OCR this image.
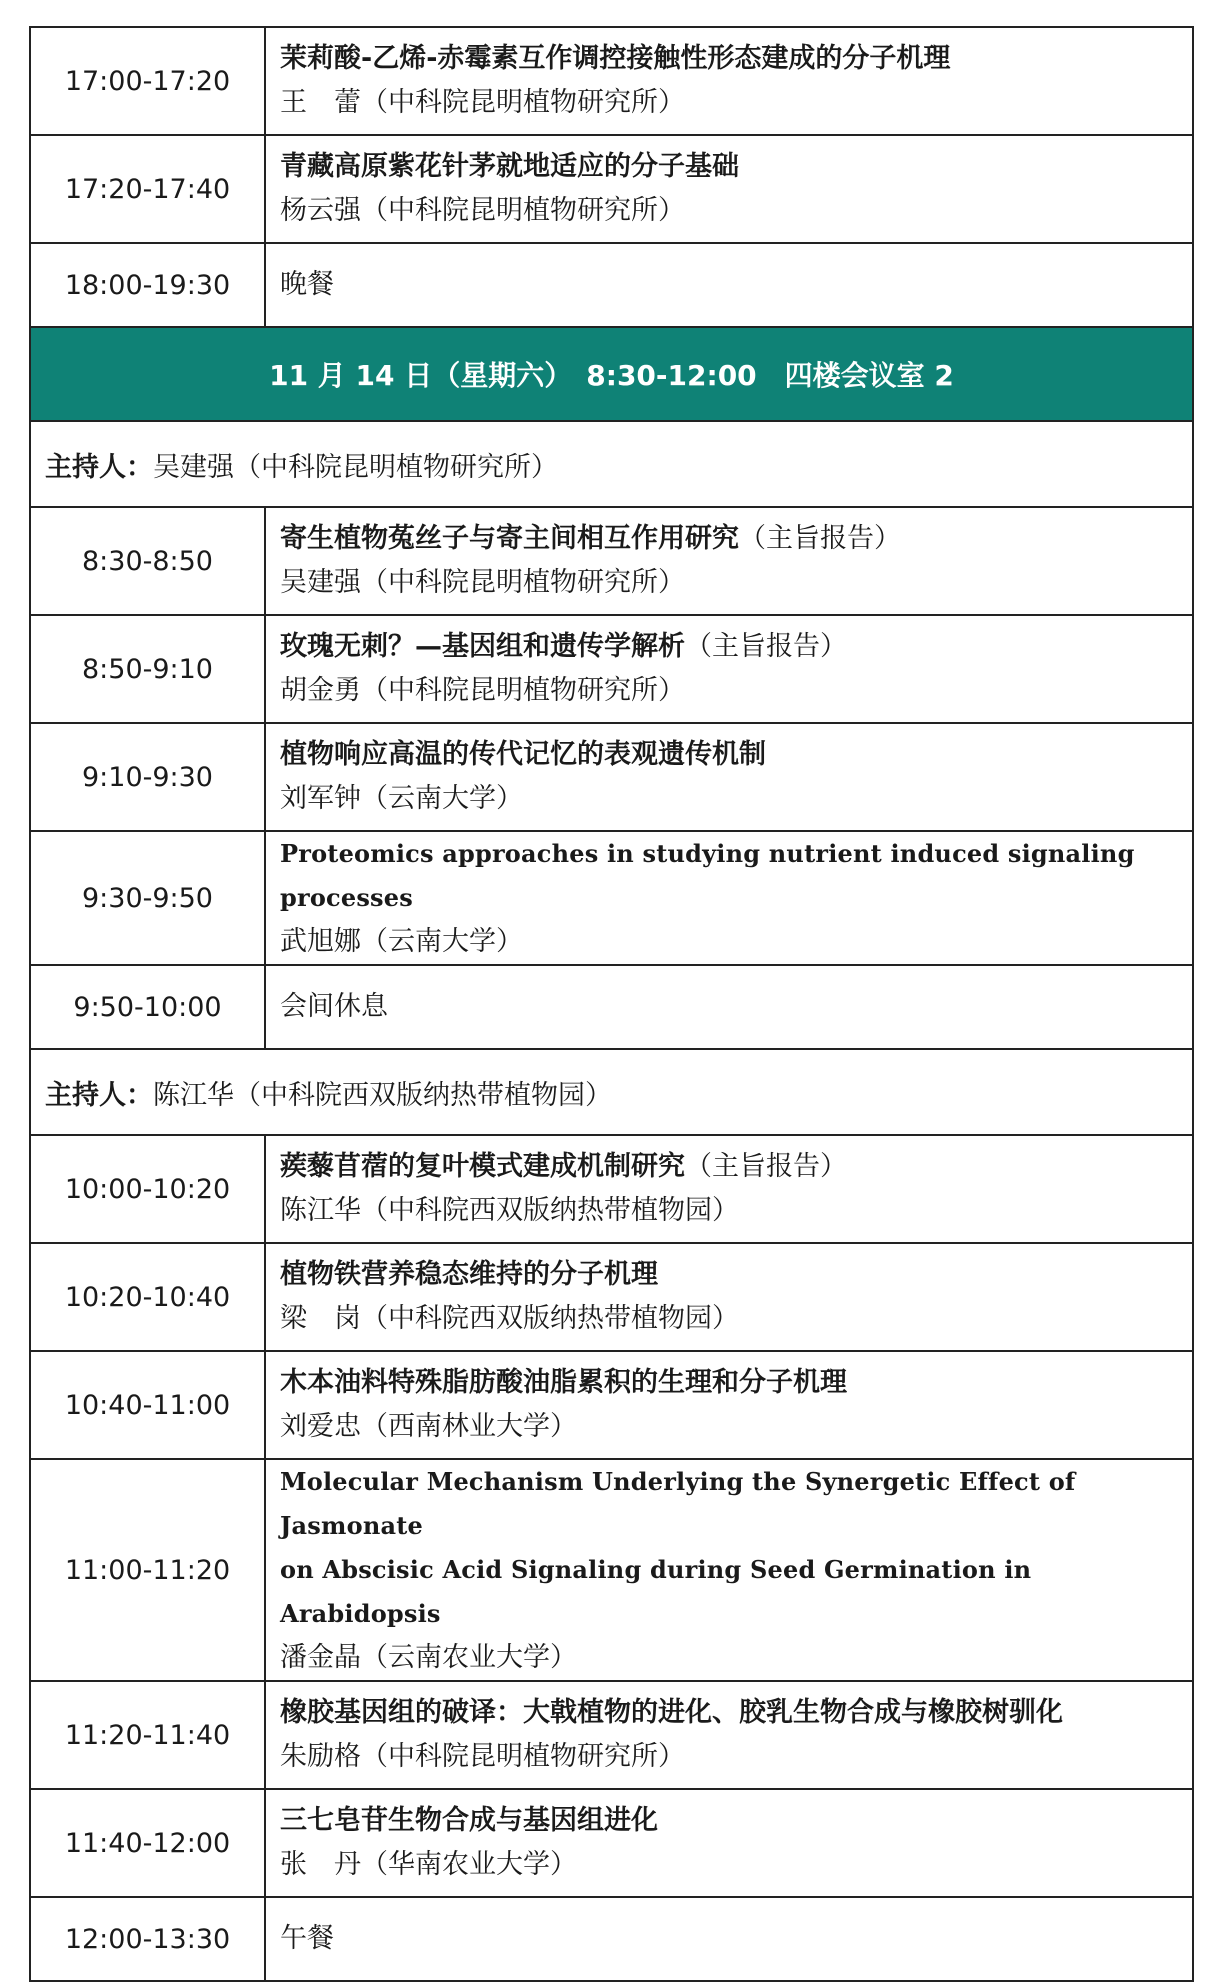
17:00-17:20	茉莉酸-乙烯-赤霉素互作调控接触性形态建成的分子机理
王　蕾（中科院昆明植物研究所）

17:20-17:40	青藏高原紫花针茅就地适应的分子基础
杨云强（中科院昆明植物研究所）

18:00-19:30	晚餐
11 月 14 日（星期六）　8:30-12:00　四楼会议室 2	
主持人：吴建强（中科院昆明植物研究所）	
8:30-8:50	寄生植物菟丝子与寄主间相互作用研究（主旨报告）
吴建强（中科院昆明植物研究所）

8:50-9:10	玫瑰无刺？—基因组和遗传学解析（主旨报告）
胡金勇（中科院昆明植物研究所）

9:10-9:30	植物响应高温的传代记忆的表观遗传机制
刘军钟（云南大学）

9:30-9:50	Proteomics approaches in studying nutrient induced signaling processes
武旭娜（云南大学）

9:50-10:00	会间休息
主持人：陈江华（中科院西双版纳热带植物园）	
10:00-10:20	蒺藜苜蓿的复叶模式建成机制研究（主旨报告）
陈江华（中科院西双版纳热带植物园）

10:20-10:40	植物铁营养稳态维持的分子机理
梁　岗（中科院西双版纳热带植物园）

10:40-11:00	木本油料特殊脂肪酸油脂累积的生理和分子机理
刘爱忠（西南林业大学）

11:00-11:20	Molecular Mechanism Underlying the Synergetic Effect of Jasmonate
on Abscisic Acid Signaling during Seed Germination in Arabidopsis
潘金晶（云南农业大学）

11:20-11:40	橡胶基因组的破译：大戟植物的进化、胶乳生物合成与橡胶树驯化
朱励格（中科院昆明植物研究所）

11:40-12:00	三七皂苷生物合成与基因组进化
张　丹（华南农业大学）

12:00-13:30	午餐
